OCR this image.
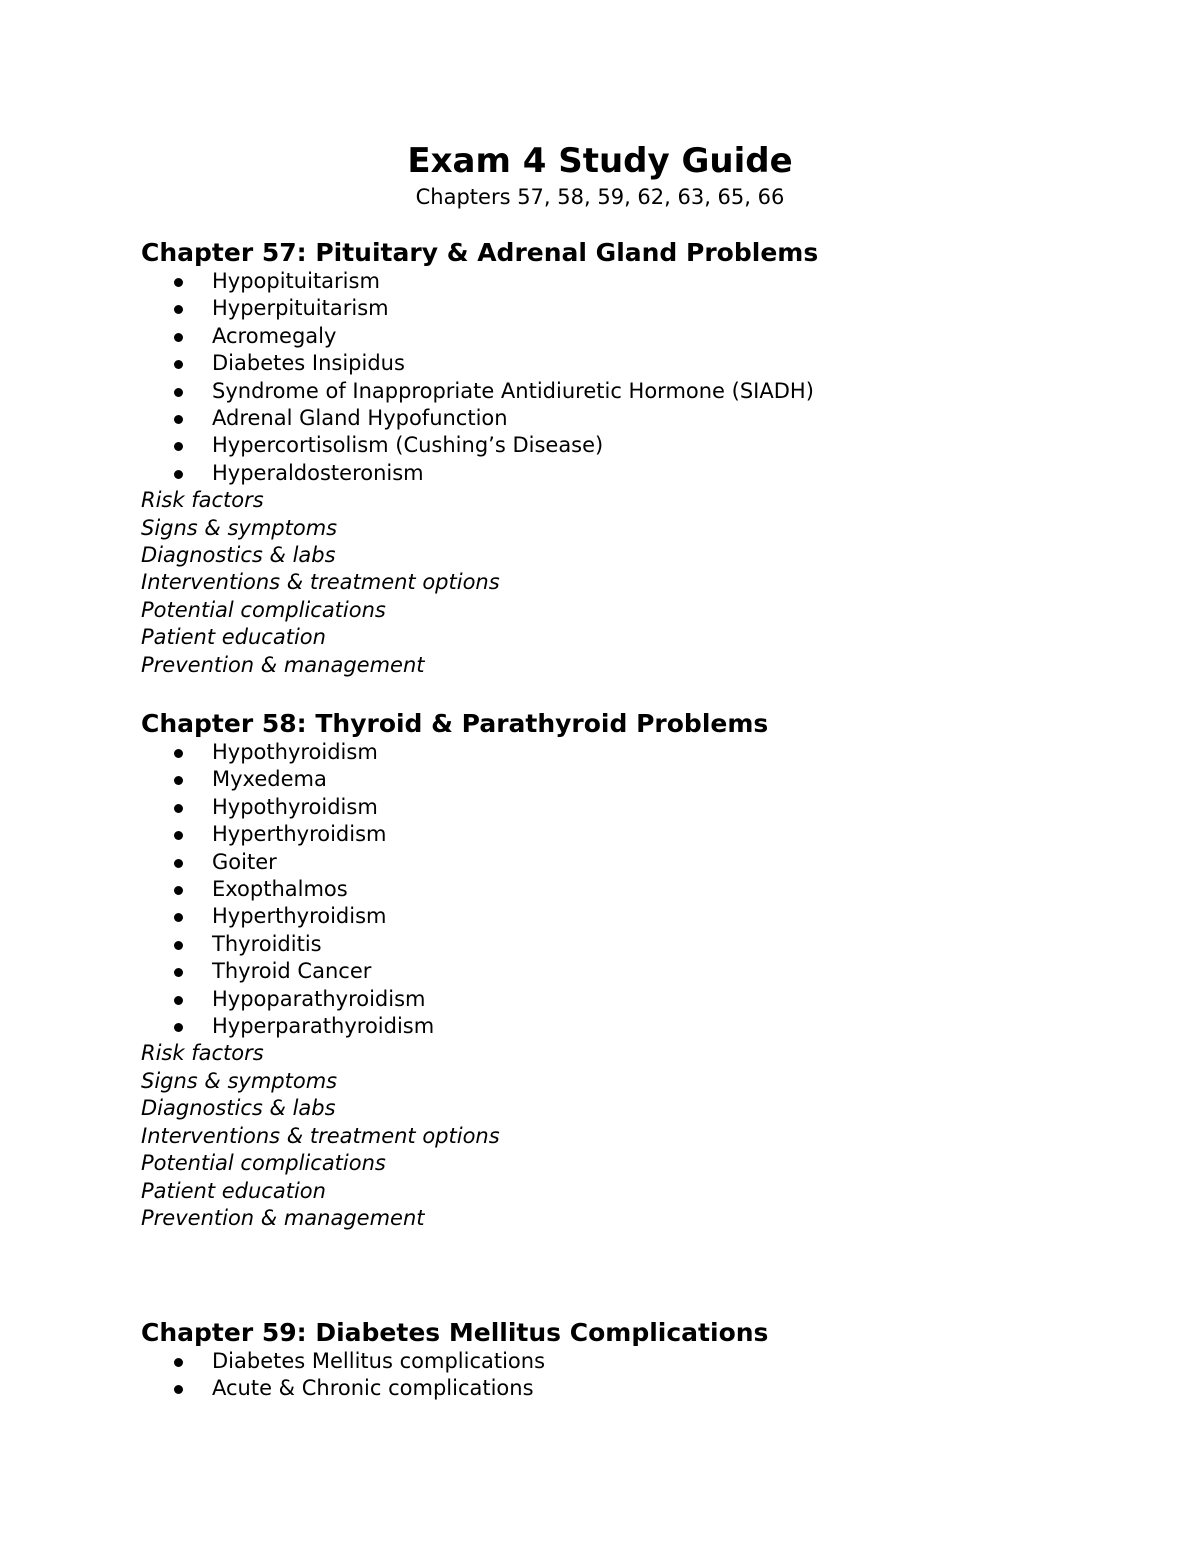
Exam 4 Study Guide
Chapters 57, 58, 59, 62, 63, 65, 66
Chapter 57: Pituitary & Adrenal Gland Problems
Hypopituitarism
Hyperpituitarism
Acromegaly
Diabetes Insipidus
Syndrome of Inappropriate Antidiuretic Hormone (SIADH)
Adrenal Gland Hypofunction
Hypercortisolism (Cushing’s Disease)
Hyperaldosteronism
Risk factors
Signs & symptoms
Diagnostics & labs
Interventions & treatment options
Potential complications
Patient education
Prevention & management
Chapter 58: Thyroid & Parathyroid Problems
Hypothyroidism
Myxedema
Hypothyroidism
Hyperthyroidism
Goiter
Exopthalmos
Hyperthyroidism
Thyroiditis
Thyroid Cancer
Hypoparathyroidism
Hyperparathyroidism
Risk factors
Signs & symptoms
Diagnostics & labs
Interventions & treatment options
Potential complications
Patient education
Prevention & management
Chapter 59: Diabetes Mellitus Complications
Diabetes Mellitus complications
Acute & Chronic complications
